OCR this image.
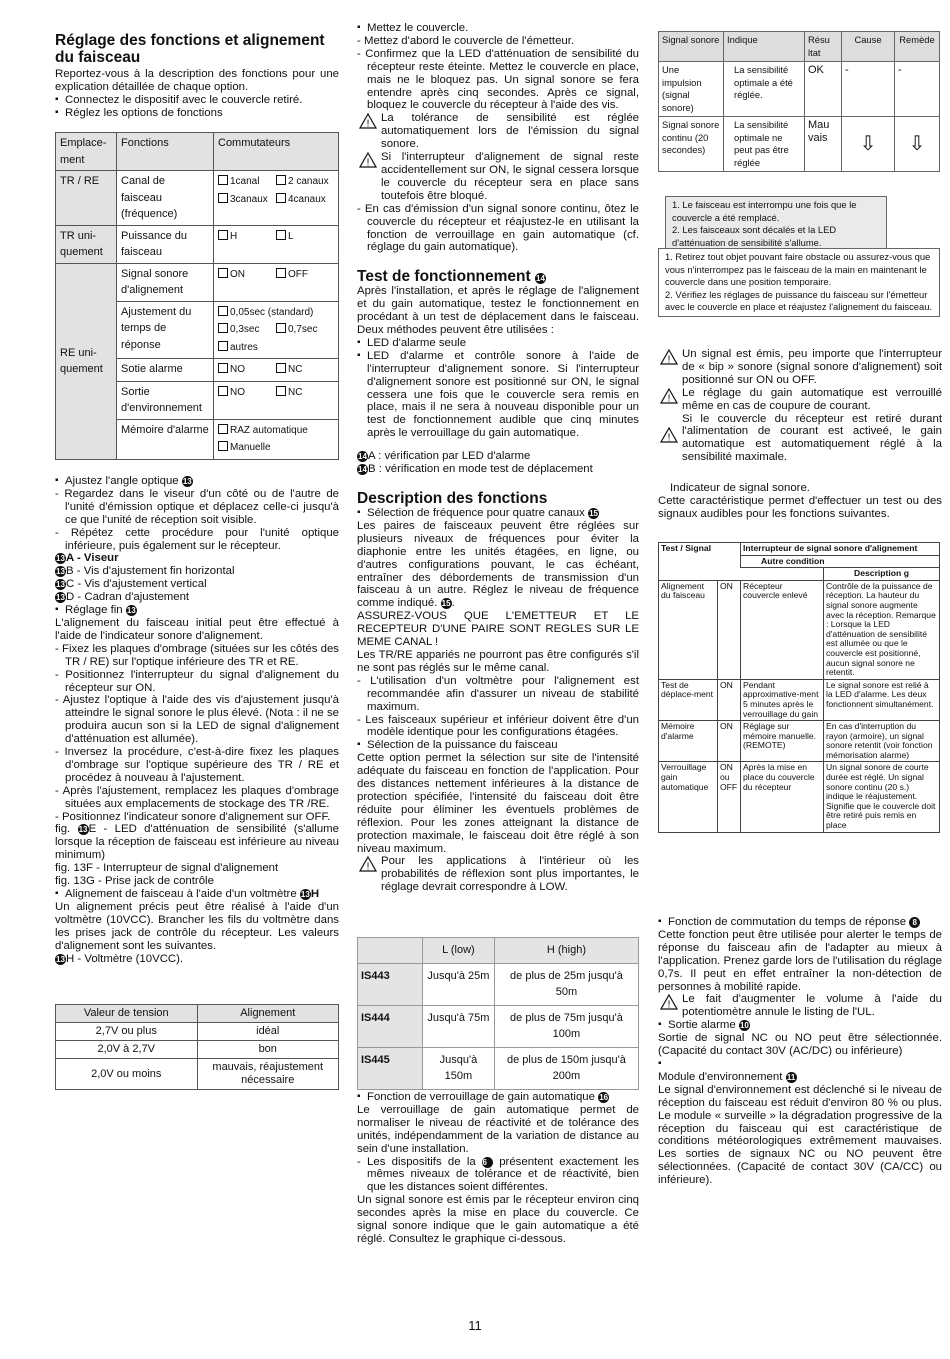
Réglage des fonctions et alignement du faisceau

Reportez-vous à la description des fonctions pour une explication détaillée de chaque option.

▪ Connectez le dispositif avec le couvercle retiré.

▪ Réglez les options de fonctions

Emplace-ment	Fonctions	Commutateurs
TR / RE	Canal de faisceau (fréquence)	1canal 2 canaux
3canaux 4canaux
TR uni-quement	Puissance du faisceau	H L
RE uni-quement	Signal sonore d'alignement	ON OFF
	Ajustement du temps de réponse	0,05sec (standard)
0,3sec 0,7sec
autres
	Sotie alarme	NO NC
	Sortie d'environnement	NO NC
	Mémoire d'alarme	RAZ automatique
Manuelle

▪ Ajustez l'angle optique 13

- Regardez dans le viseur d'un côté ou de l'autre de l'unité d'émission optique et déplacez celle-ci jusqu'à ce que l'unité de réception soit visible.

- Répétez cette procédure pour l'unité optique inférieure, puis également sur le récepteur.

13A - Viseur

13B - Vis d'ajustement fin horizontal

13C - Vis d'ajustement vertical

13D - Cadran d'ajustement

▪ Réglage fin 13

L'alignement du faisceau initial peut être effectué à l'aide de l'indicateur sonore d'alignement.

- Fixez les plaques d'ombrage (situées sur les côtés des TR / RE) sur l'optique inférieure des TR et RE.

- Positionnez l'interrupteur du signal d'alignement du récepteur sur ON.

- Ajustez l'optique à l'aide des vis d'ajustement jusqu'à atteindre le signal sonore le plus élevé. (Nota : il ne se produira aucun son si la LED de signal d'alignement d'atténuation est allumée).

- Inversez la procédure, c'est-à-dire fixez les plaques d'ombrage sur l'optique supérieure des TR / RE et procédez à nouveau à l'ajustement.

- Après l'ajustement, remplacez les plaques d'ombrage situées aux emplacements de stockage des TR /RE.

- Positionnez l'indicateur sonore d'alignement sur OFF.

fig. 13E - LED d'atténuation de sensibilité (s'allume lorsque la réception de faisceau est inférieure au niveau minimum)

fig. 13F - Interrupteur de signal d'alignement

fig. 13G - Prise jack de contrôle

▪ Alignement de faisceau à l'aide d'un voltmètre 13H

Un alignement précis peut être réalisé à l'aide d'un voltmètre (10VCC). Brancher les fils du voltmètre dans les prises jack de contrôle du récepteur. Les valeurs d'alignement sont les suivantes.

13H - Voltmètre (10VCC).

Valeur de tension	Alignement
2,7V ou plus	idéal
2,0V à 2,7V	bon
2,0V ou moins	mauvais, réajustement nécessaire

▪ Mettez le couvercle.

- Mettez d'abord le couvercle de l'émetteur.

- Confirmez que la LED d'atténuation de sensibilité du récepteur reste éteinte. Mettez le couvercle en place, mais ne le bloquez pas. Un signal sonore se fera entendre après cinq secondes. Après ce signal, bloquez le couvercle du récepteur à l'aide des vis.

! La tolérance de sensibilité est réglée automatiquement lors de l'émission du signal sonore.

! Si l'interrupteur d'alignement de signal reste accidentellement sur ON, le signal cessera lorsque le couvercle du récepteur sera en place sans toutefois être bloqué.

- En cas d'émission d'un signal sonore continu, ôtez le couvercle du récepteur et réajustez-le en utilisant la fonction de verrouillage en gain automatique (cf. réglage du gain automatique).

Test de fonctionnement 14

Après l'installation, et après le réglage de l'alignement et du gain automatique, testez le fonctionnement en procédant à un test de déplacement dans le faisceau. Deux méthodes peuvent être utilisées :

▪ LED d'alarme seule

▪ LED d'alarme et contrôle sonore à l'aide de l'interrupteur d'alignement sonore. Si l'interrupteur d'alignement sonore est positionné sur ON, le signal cessera une fois que le couvercle sera remis en place, mais il ne sera à nouveau disponible pour un test de fonctionnement audible que cinq minutes après le verrouillage du gain automatique.

14A : vérification par LED d'alarme

14B : vérification en mode test de déplacement

Description des fonctions

▪ Sélection de fréquence pour quatre canaux 15

Les paires de faisceaux peuvent être réglées sur plusieurs niveaux de fréquences pour éviter la diaphonie entre les unités étagées, en ligne, ou d'autres configurations pouvant, le cas échéant, entraîner des débordements de transmission d'un faisceau à un autre. Réglez le niveau de fréquence comme indiqué. 15.

ASSUREZ-VOUS QUE L'EMETTEUR ET LE RECEPTEUR D'UNE PAIRE SONT REGLES SUR LE MEME CANAL !

Les TR/RE appariés ne pourront pas être configurés s'il ne sont pas réglés sur le même canal.

- L'utilisation d'un voltmètre pour l'alignement est recommandée afin d'assurer un niveau de stabilité maximum.

- Les faisceaux supérieur et inférieur doivent être d'un modèle identique pour les configurations étagées.

▪ Sélection de la puissance du faisceau

Cette option permet la sélection sur site de l'intensité adéquate du faisceau en fonction de l'application. Pour des distances nettement inférieures à la distance de protection spécifiée, l'intensité du faisceau doit être réduite pour éliminer les éventuels problèmes de réflexion. Pour les zones atteignant la distance de protection maximale, le faisceau doit être réglé à son niveau maximum.

! Pour les applications à l'intérieur où les probabilités de réflexion sont plus importantes, le réglage devrait correspondre à LOW.

	L (low)	H (high)
IS443	Jusqu'à 25m	de plus de 25m jusqu'à 50m
IS444	Jusqu'à 75m	de plus de 75m jusqu'à 100m
IS445	Jusqu'à 150m	de plus de 150m jusqu'à 200m

▪ Fonction de verrouillage de gain automatique 16

Le verrouillage de gain automatique permet de normaliser le niveau de réactivité et de tolérance des unités, indépendamment de la variation de distance au sein d'une installation.

- Les dispositifs de la 16 présentent exactement les mêmes niveaux de tolérance et de réactivité, bien que les distances soient différentes.

Un signal sonore est émis par le récepteur environ cinq secondes après la mise en place du couvercle. Ce signal sonore indique que le gain automatique a été réglé. Consultez le graphique ci-dessous.

Signal sonore	Indique	Résu ltat	Cause	Remède
Une impulsion (signal sonore)	La sensibilité optimale a été réglée.	OK	-	-
Signal sonore continu (20 secondes)	La sensibilité optimale ne peut pas être réglée	Mau vais	⇩	⇩
1. Le faisceau est interrompu une fois que le couvercle a été remplacé.
2. Les faisceaux sont décalés et la LED d'atténuation de sensibilité s'allume.
1. Retirez tout objet pouvant faire obstacle ou assurez-vous que vous n'interrompez pas le faisceau de la main en maintenant le couvercle dans une position temporaire.
2. Vérifiez les réglages de puissance du faisceau sur l'émetteur avec le couvercle en place et réajustez l'alignement du faisceau.

! Un signal est émis, peu importe que l'interrupteur de « bip » sonore (signal sonore d'alignement) soit positionné sur ON ou OFF.

! Le réglage du gain automatique est verrouillé même en cas de coupure de courant.

!
Si le couvercle du récepteur est retiré durant l'alimentation de courant est activeé, le gain automatique est automatiquement réglé à la sensibilité maximale.

Indicateur de signal sonore.

Cette caractéristique permet d'effectuer un test ou des signaux audibles pour les fonctions suivantes.

Test / Signal		Interrupteur de signal sonore d'alignement	
		Autre condition	
			Description g
Alignement du faisceau	ON	Récepteur couvercle enlevé	Contrôle de la puissance de réception. La hauteur du signal sonore augmente avec la réception. Remarque : Lorsque la LED d'atténuation de sensibilité est allumée ou que le couvercle est positionné, aucun signal sonore ne retentit.
Test de déplace-ment	ON	Pendant approximative-ment 5 minutes après le verrouillage du gain	Le signal sonore est relié à la LED d'alarme. Les deux fonctionnent simultanément.
Mémoire d'alarme	ON	Réglage sur mémoire manuelle. (REMOTE)	En cas d'interruption du rayon (armoire), un signal sonore retentit (voir fonction mémorisation alarme)
Verrouillage gain automatique	ON ou OFF	Après la mise en place du couvercle du récepteur	Un signal sonore de courte durée est réglé. Un signal sonore continu (20 s.) indique le réajustement. Signifie que le couvercle doit être retiré puis remis en place

▪ Fonction de commutation du temps de réponse 8

Cette fonction peut être utilisée pour alerter le temps de réponse du faisceau afin de l'adapter au mieux à l'application. Prenez garde lors de l'utilisation du réglage 0,7s. Il peut en effet entraîner la non-détection de personnes à mobilité rapide.

! Le fait d'augmenter le volume à l'aide du potentiomètre annule le listing de l'UL.

▪ Sortie alarme 10

Sortie de signal NC ou NO peut être sélectionnée. (Capacité du contact 30V (AC/DC) ou inférieure)

▪

Module d'environnement 11

Le signal d'environnement est déclenché si le niveau de réception du faisceau est réduit d'environ 80 % ou plus. Le module « surveille » la dégradation progressive de la réception du faisceau qui est caractéristique de conditions météorologiques extrêmement mauvaises. Les sorties de signaux NC ou NO peuvent être sélectionnées. (Capacité de contact 30V (CA/CC) ou inférieure).

11
